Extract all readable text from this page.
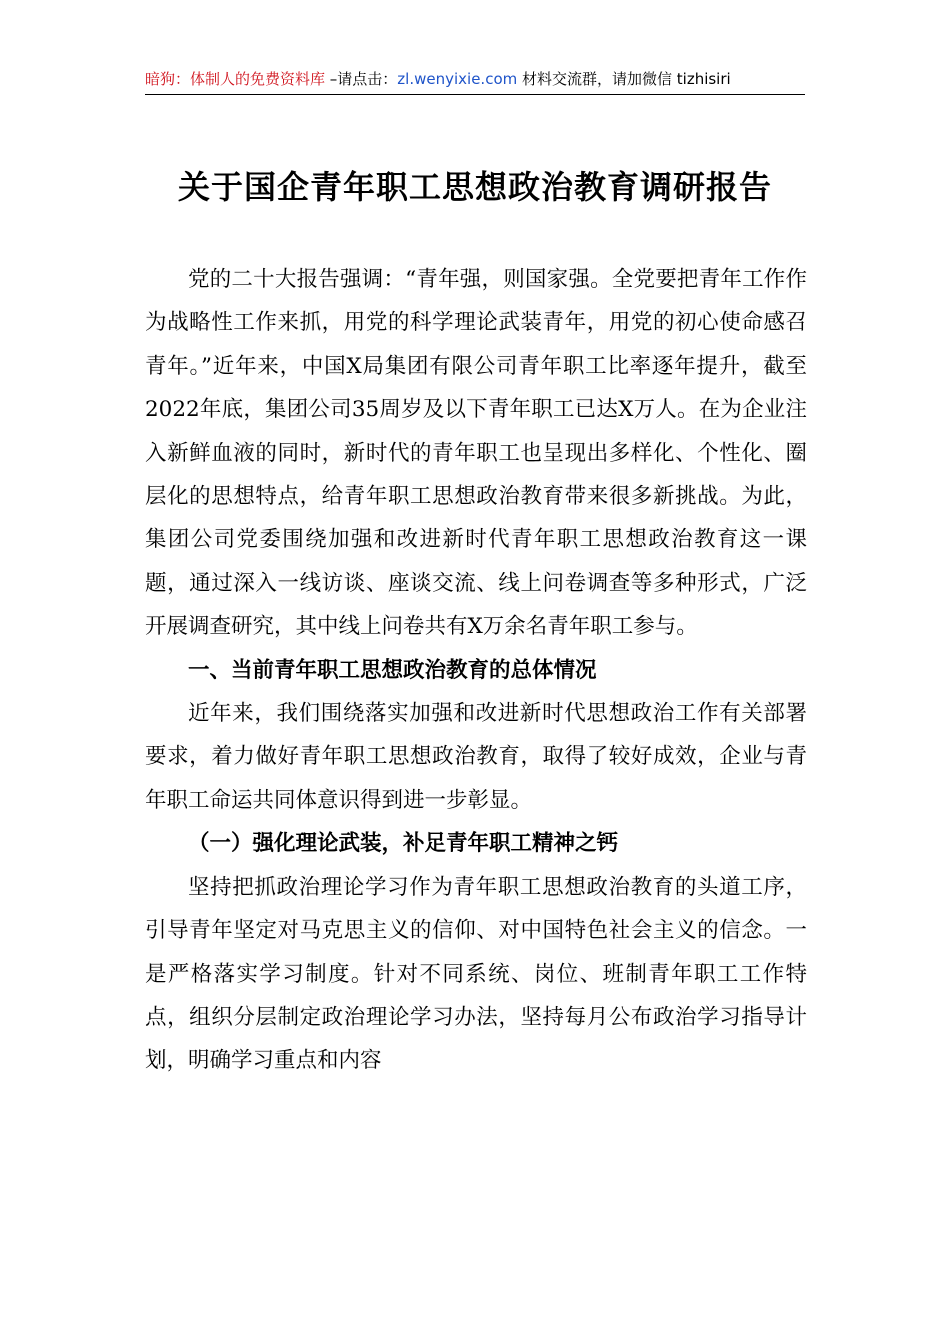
暗狗：体制人的免费资料库 –请点击：zl.wenyixie.com 材料交流群，请加微信 tizhisiri
关于国企青年职工思想政治教育调研报告

党的二十大报告强调：“青年强，则国家强。全党要把青年工作作为战略性工作来抓，用党的科学理论武装青年，用党的初心使命感召青年。”近年来，中国X局集团有限公司青年职工比率逐年提升，截至2022年底，集团公司35周岁及以下青年职工已达X万人。在为企业注入新鲜血液的同时，新时代的青年职工也呈现出多样化、个性化、圈层化的思想特点，给青年职工思想政治教育带来很多新挑战。为此，集团公司党委围绕加强和改进新时代青年职工思想政治教育这一课题，通过深入一线访谈、座谈交流、线上问卷调查等多种形式，广泛开展调查研究，其中线上问卷共有X万余名青年职工参与。

一、当前青年职工思想政治教育的总体情况

近年来，我们围绕落实加强和改进新时代思想政治工作有关部署要求，着力做好青年职工思想政治教育，取得了较好成效，企业与青年职工命运共同体意识得到进一步彰显。

（一）强化理论武装，补足青年职工精神之钙

坚持把抓政治理论学习作为青年职工思想政治教育的头道工序，引导青年坚定对马克思主义的信仰、对中国特色社会主义的信念。一是严格落实学习制度。针对不同系统、岗位、班制青年职工工作特点，组织分层制定政治理论学习办法，坚持每月公布政治学习指导计划，明确学习重点和内容
